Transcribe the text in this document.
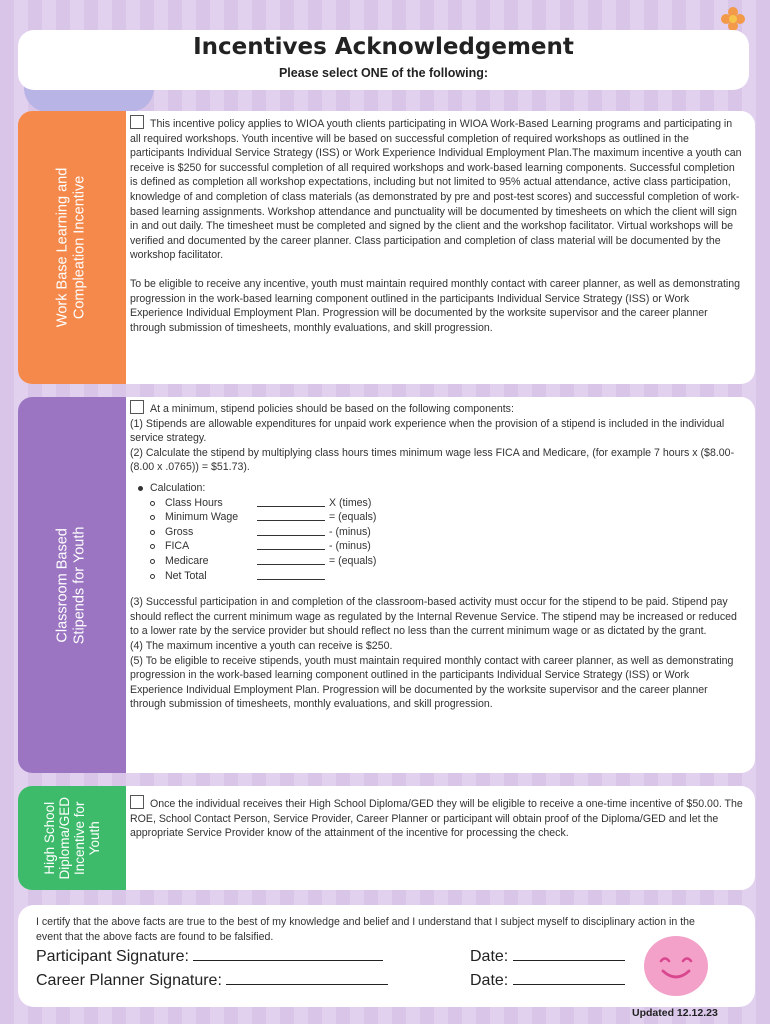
Incentives Acknowledgement
Please select ONE of the following:
Work Base Learning and Compleation Incentive

This incentive policy applies to WIOA youth clients participating in WIOA Work-Based Learning programs and participating in all required workshops. Youth incentive will be based on successful completion of required workshops as outlined in the participants Individual Service Strategy (ISS) or Work Experience Individual Employment Plan.The maximum incentive a youth can receive is $250 for successful completion of all required workshops and work-based learning components. Successful completion is defined as completion all workshop expectations, including but not limited to 95% actual attendance, active class participation, knowledge of and completion of class materials (as demonstrated by pre and post-test scores) and successful completion of work-based learning assignments. Workshop attendance and punctuality will be documented by timesheets on which the client will sign in and out daily. The timesheet must be completed and signed by the client and the workshop facilitator. Virtual workshops will be verified and documented by the career planner. Class participation and completion of class material will be documented by the workshop facilitator.

To be eligible to receive any incentive, youth must maintain required monthly contact with career planner, as well as demonstrating progression in the work-based learning component outlined in the participants Individual Service Strategy (ISS) or Work Experience Individual Employment Plan. Progression will be documented by the worksite supervisor and the career planner through submission of timesheets, monthly evaluations, and skill progression.

Classroom Based Stipends for Youth

At a minimum, stipend policies should be based on the following components:

(1) Stipends are allowable expenditures for unpaid work experience when the provision of a stipend is included in the individual service strategy.

(2) Calculate the stipend by multiplying class hours times minimum wage less FICA and Medicare, (for example 7 hours x ($8.00-(8.00 x .0765)) = $51.73).

Calculation:
Class Hours	X (times)
Minimum Wage	= (equals)
Gross	- (minus)
FICA	- (minus)
Medicare	= (equals)
Net Total

(3) Successful participation in and completion of the classroom-based activity must occur for the stipend to be paid. Stipend pay should reflect the current minimum wage as regulated by the Internal Revenue Service. The stipend may be increased or reduced to a lower rate by the service provider but should reflect no less than the current minimum wage or as dictated by the grant.

(4) The maximum incentive a youth can receive is $250.

(5) To be eligible to receive stipends, youth must maintain required monthly contact with career planner, as well as demonstrating progression in the work-based learning component outlined in the participants Individual Service Strategy (ISS) or Work Experience Individual Employment Plan. Progression will be documented by the worksite supervisor and the career planner through submission of timesheets, monthly evaluations, and skill progression.

High School Diploma/GED Incentive for Youth

Once the individual receives their High School Diploma/GED they will be eligible to receive a one-time incentive of $50.00. The ROE, School Contact Person, Service Provider, Career Planner or participant will obtain proof of the Diploma/GED and let the appropriate Service Provider know of the attainment of the incentive for processing the check.

I certify that the above facts are true to the best of my knowledge and belief and I understand that I subject myself to disciplinary action in the event that the above facts are found to be falsified.
Participant Signature:
Career Planner Signature:
Date:
Date:
Updated 12.12.23
